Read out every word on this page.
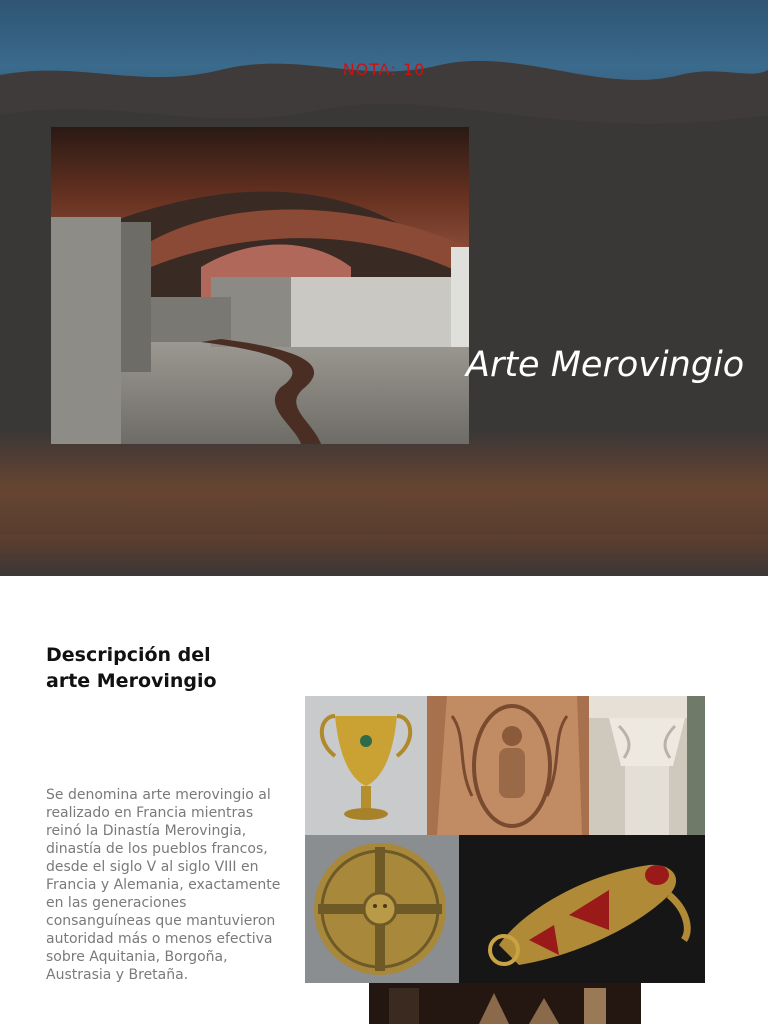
NOTA: 10
Arte Merovingio
Descripción del
arte Merovingio
Se denomina arte merovingio al realizado en Francia mientras reinó la Dinastía Merovingia, dinastía de los pueblos francos, desde el siglo V al siglo VIII en Francia y Alemania, exactamente en las generaciones consanguíneas que mantuvieron autoridad más o menos efectiva sobre Aquitania, Borgoña, Austrasia y Bretaña.
